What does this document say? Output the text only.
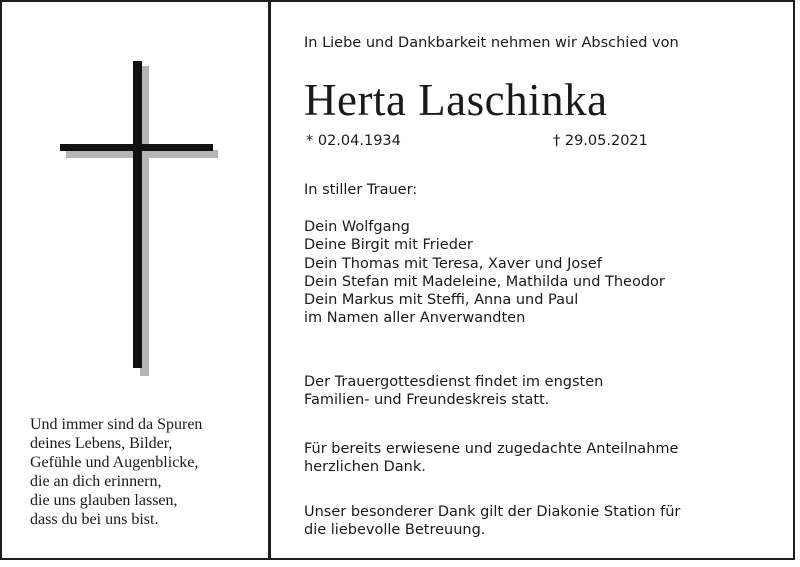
Und immer sind da Spuren
deines Lebens, Bilder,
Gefühle und Augenblicke,
die an dich erinnern,
die uns glauben lassen,
dass du bei uns bist.
In Liebe und Dankbarkeit nehmen wir Abschied von
Herta Laschinka
* 02.04.1934	† 29.05.2021
In stiller Trauer:
Dein Wolfgang
Deine Birgit mit Frieder
Dein Thomas mit Teresa, Xaver und Josef
Dein Stefan mit Madeleine, Mathilda und Theodor
Dein Markus mit Steffi, Anna und Paul
im Namen aller Anverwandten
Der Trauergottesdienst findet im engsten
Familien- und Freundeskreis statt.
Für bereits erwiesene und zugedachte Anteilnahme
herzlichen Dank.
Unser besonderer Dank gilt der Diakonie Station für
die liebevolle Betreuung.
